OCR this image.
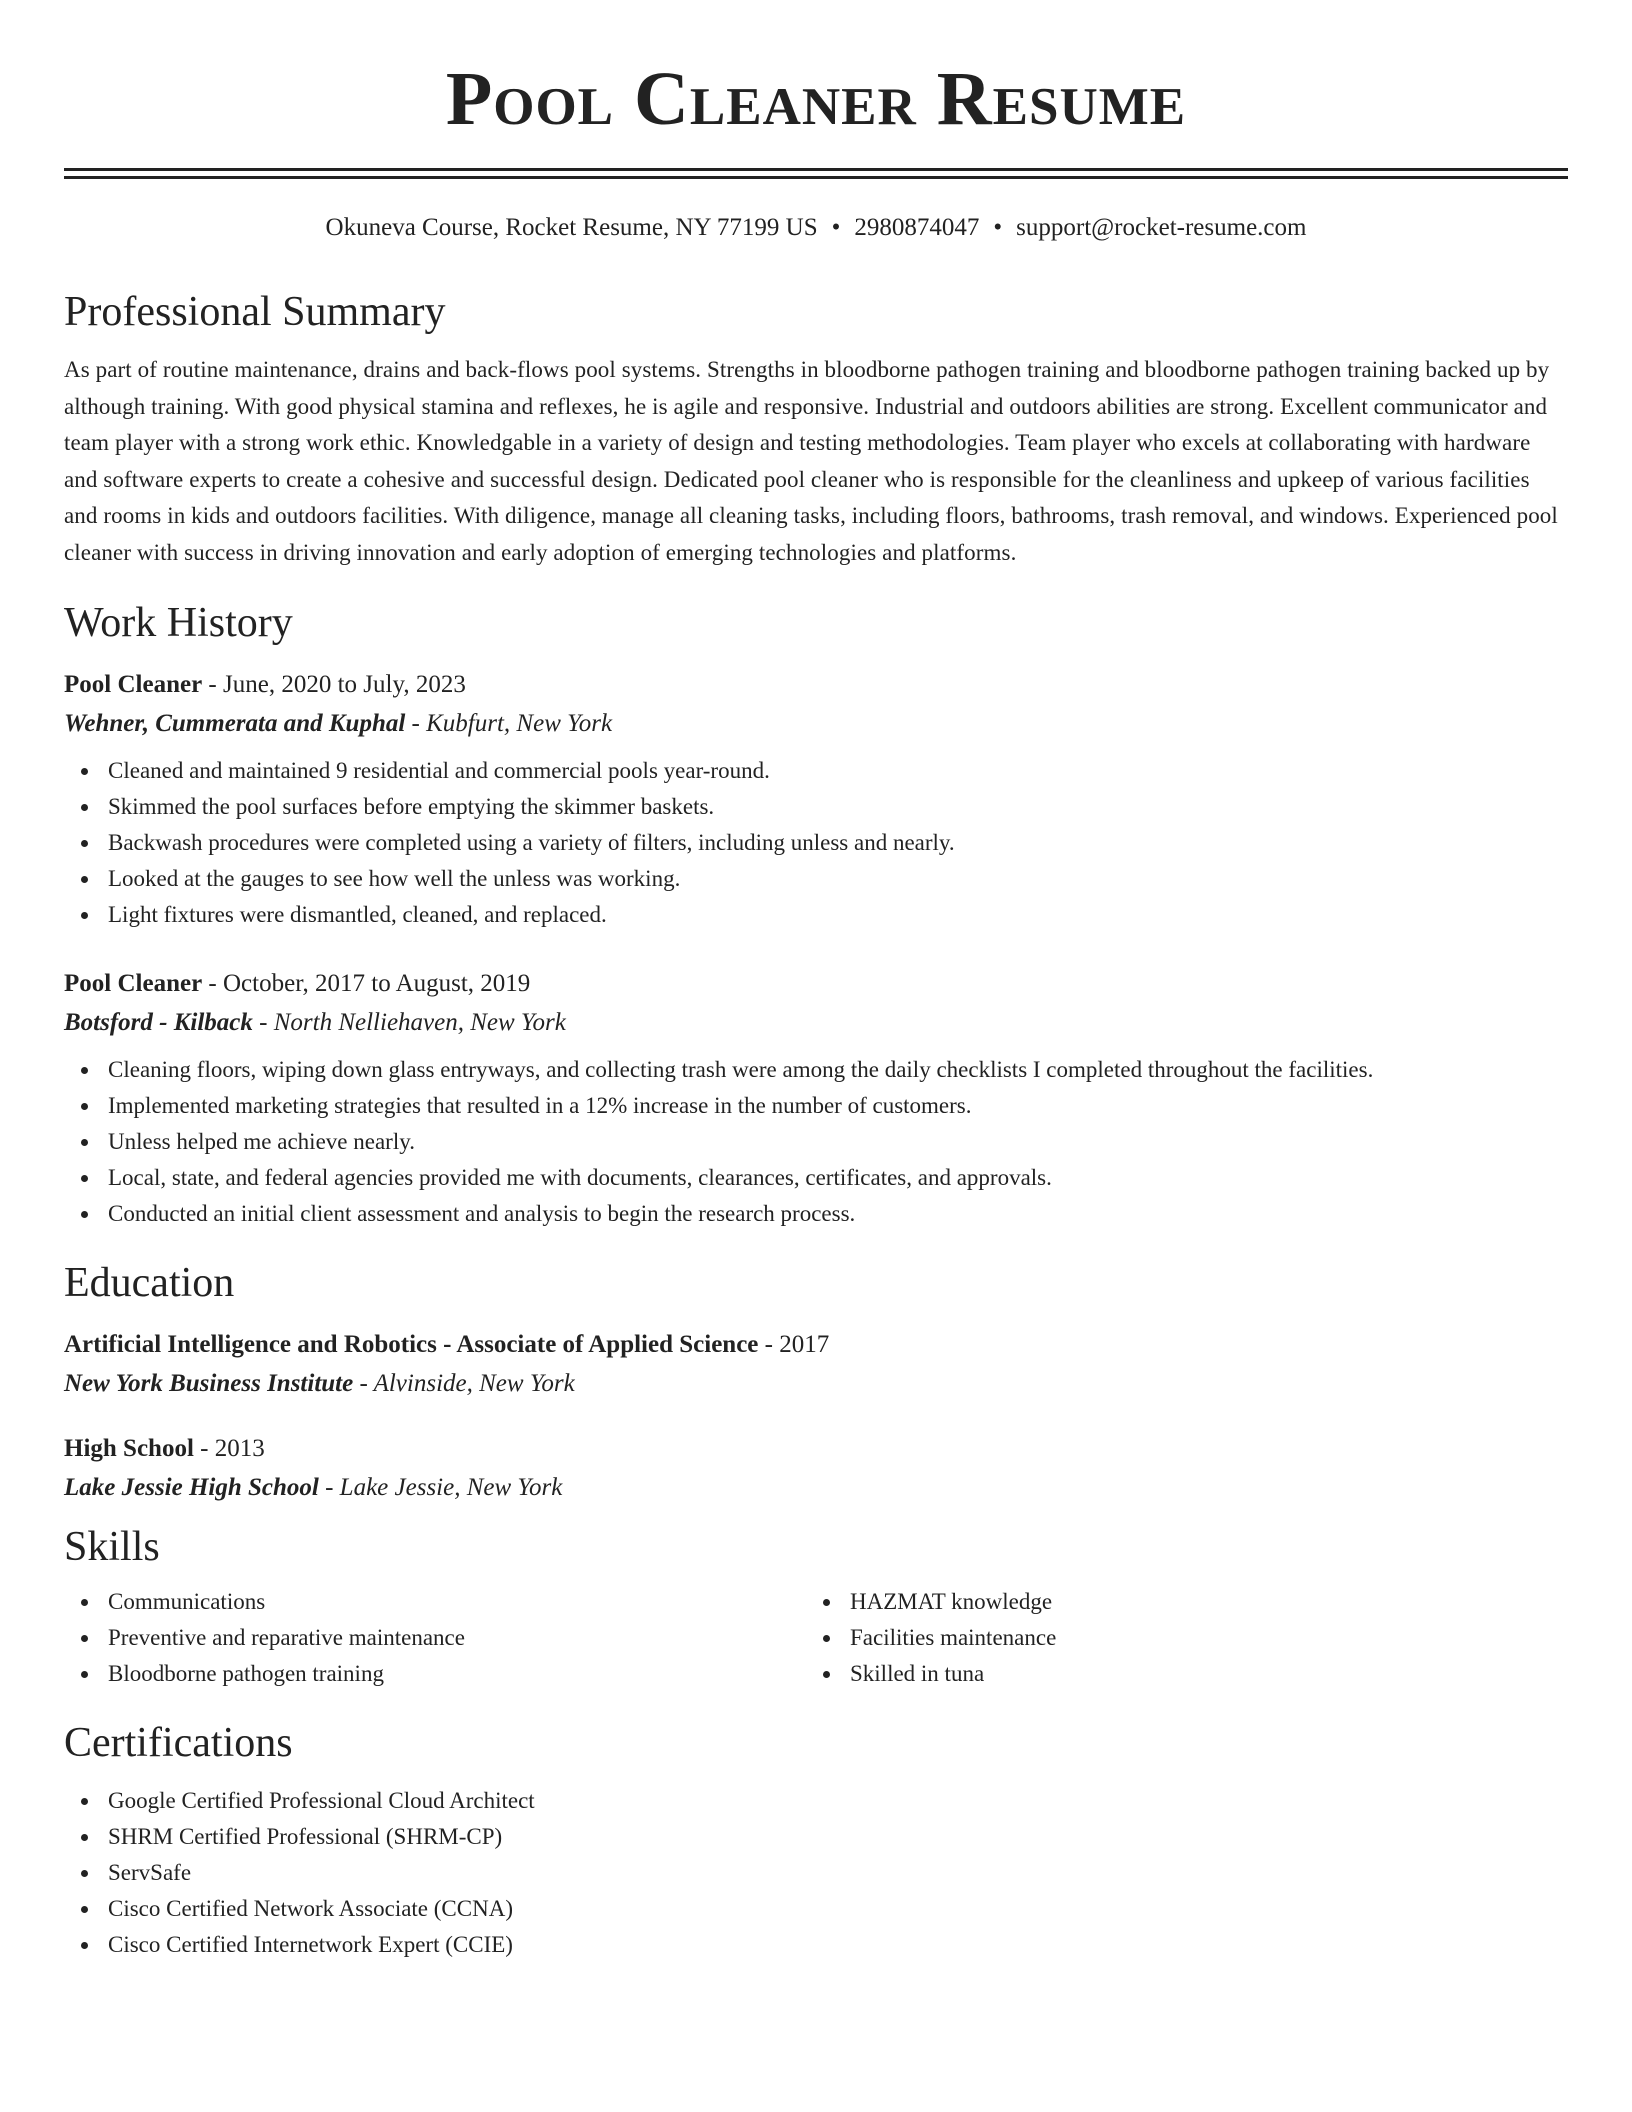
Pool Cleaner Resume
Okuneva Course, Rocket Resume, NY 77199 US • 2980874047 • support@rocket-resume.com
Professional Summary
As part of routine maintenance, drains and back-flows pool systems. Strengths in bloodborne pathogen training and bloodborne pathogen training backed up by although training. With good physical stamina and reflexes, he is agile and responsive. Industrial and outdoors abilities are strong. Excellent communicator and team player with a strong work ethic. Knowledgable in a variety of design and testing methodologies. Team player who excels at collaborating with hardware and software experts to create a cohesive and successful design. Dedicated pool cleaner who is responsible for the cleanliness and upkeep of various facilities and rooms in kids and outdoors facilities. With diligence, manage all cleaning tasks, including floors, bathrooms, trash removal, and windows. Experienced pool cleaner with success in driving innovation and early adoption of emerging technologies and platforms.
Work History
Pool Cleaner - June, 2020 to July, 2023
Wehner, Cummerata and Kuphal - Kubfurt, New York
Cleaned and maintained 9 residential and commercial pools year-round.
Skimmed the pool surfaces before emptying the skimmer baskets.
Backwash procedures were completed using a variety of filters, including unless and nearly.
Looked at the gauges to see how well the unless was working.
Light fixtures were dismantled, cleaned, and replaced.
Pool Cleaner - October, 2017 to August, 2019
Botsford - Kilback - North Nelliehaven, New York
Cleaning floors, wiping down glass entryways, and collecting trash were among the daily checklists I completed throughout the facilities.
Implemented marketing strategies that resulted in a 12% increase in the number of customers.
Unless helped me achieve nearly.
Local, state, and federal agencies provided me with documents, clearances, certificates, and approvals.
Conducted an initial client assessment and analysis to begin the research process.
Education
Artificial Intelligence and Robotics - Associate of Applied Science - 2017
New York Business Institute - Alvinside, New York
High School - 2013
Lake Jessie High School - Lake Jessie, New York
Skills
Communications
Preventive and reparative maintenance
Bloodborne pathogen training
HAZMAT knowledge
Facilities maintenance
Skilled in tuna
Certifications
Google Certified Professional Cloud Architect
SHRM Certified Professional (SHRM-CP)
ServSafe
Cisco Certified Network Associate (CCNA)
Cisco Certified Internetwork Expert (CCIE)
